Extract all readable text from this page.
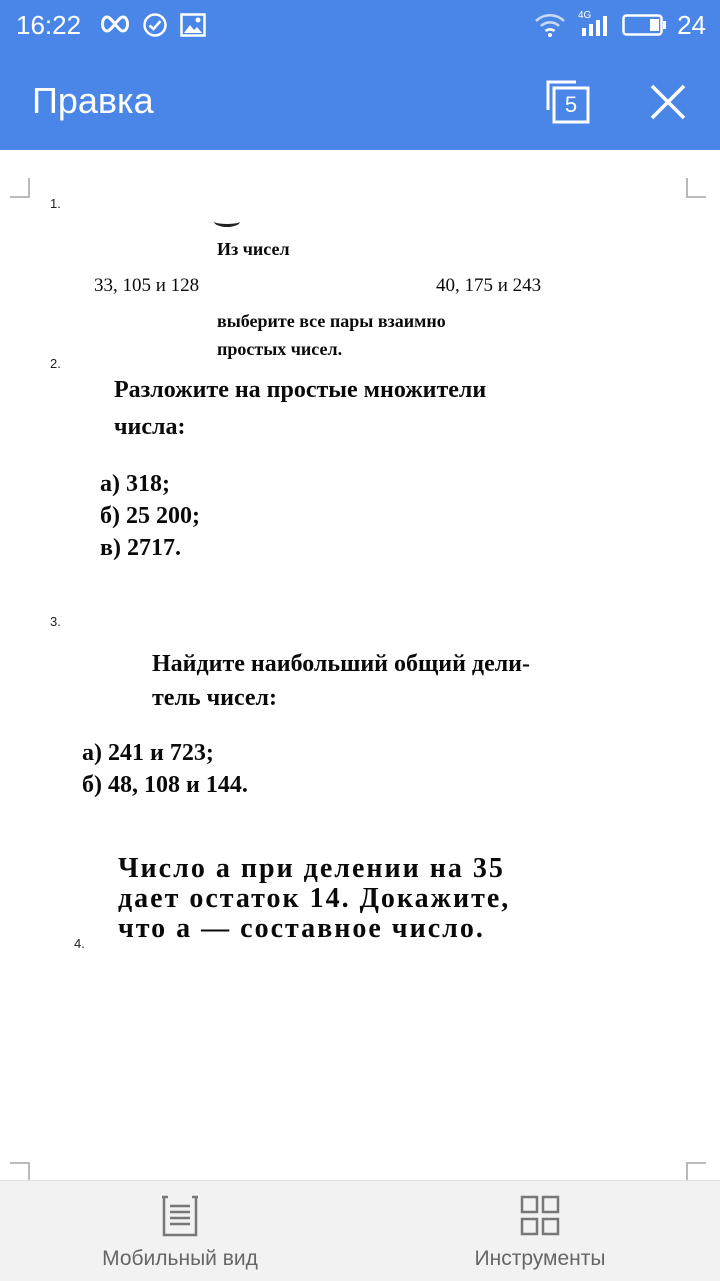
16:22	4G	24
Правка	5
1.
Из чисел
33, 105 и 128	40, 175 и 243
выберите все пары взаимно
простых чисел.
2.
Разложите на простые множители
числа:
а) 318;
б) 25 200;
в) 2717.
3.
Найдите наибольший общий дели-
тель чисел:
а) 241 и 723;
б) 48, 108 и 144.
Число a при делении на 35
дает остаток 14. Докажите,
что a — составное число.
4.
Мобильный вид	Инструменты
